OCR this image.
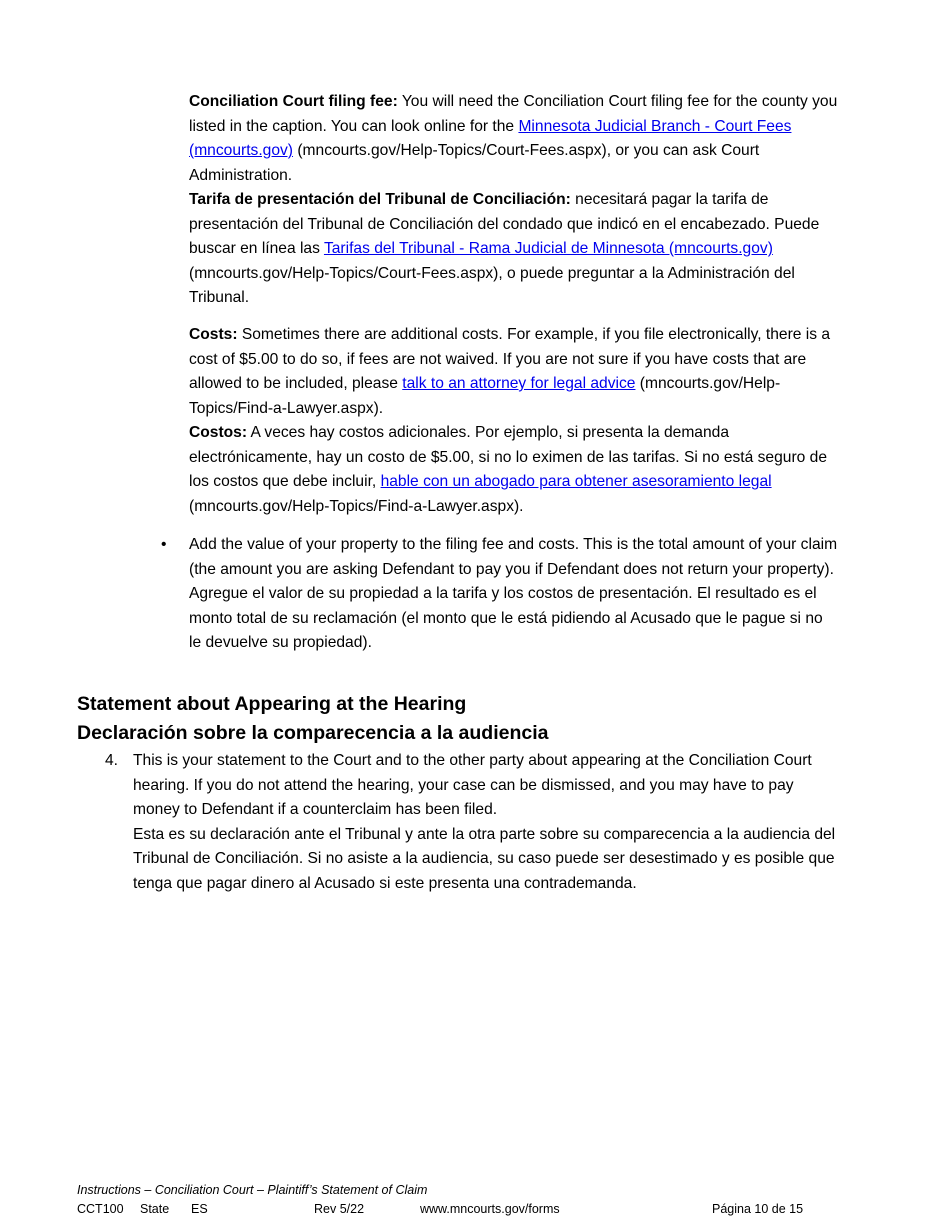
Conciliation Court filing fee: You will need the Conciliation Court filing fee for the county you listed in the caption. You can look online for the Minnesota Judicial Branch - Court Fees (mncourts.gov) (mncourts.gov/Help-Topics/Court-Fees.aspx), or you can ask Court Administration.
Tarifa de presentación del Tribunal de Conciliación: necesitará pagar la tarifa de presentación del Tribunal de Conciliación del condado que indicó en el encabezado. Puede buscar en línea las Tarifas del Tribunal - Rama Judicial de Minnesota (mncourts.gov) (mncourts.gov/Help-Topics/Court-Fees.aspx), o puede preguntar a la Administración del Tribunal.
Costs: Sometimes there are additional costs. For example, if you file electronically, there is a cost of $5.00 to do so, if fees are not waived. If you are not sure if you have costs that are allowed to be included, please talk to an attorney for legal advice (mncourts.gov/Help-Topics/Find-a-Lawyer.aspx).
Costos: A veces hay costos adicionales. Por ejemplo, si presenta la demanda electrónicamente, hay un costo de $5.00, si no lo eximen de las tarifas. Si no está seguro de los costos que debe incluir, hable con un abogado para obtener asesoramiento legal (mncourts.gov/Help-Topics/Find-a-Lawyer.aspx).
• Add the value of your property to the filing fee and costs. This is the total amount of your claim (the amount you are asking Defendant to pay you if Defendant does not return your property).
Agregue el valor de su propiedad a la tarifa y los costos de presentación. El resultado es el monto total de su reclamación (el monto que le está pidiendo al Acusado que le pague si no le devuelve su propiedad).
Statement about Appearing at the Hearing
Declaración sobre la comparecencia a la audiencia
4. This is your statement to the Court and to the other party about appearing at the Conciliation Court hearing. If you do not attend the hearing, your case can be dismissed, and you may have to pay money to Defendant if a counterclaim has been filed.
Esta es su declaración ante el Tribunal y ante la otra parte sobre su comparecencia a la audiencia del Tribunal de Conciliación. Si no asiste a la audiencia, su caso puede ser desestimado y es posible que tenga que pagar dinero al Acusado si este presenta una contrademanda.
Instructions – Conciliation Court – Plaintiff’s Statement of Claim
CCT100 State ES	Rev 5/22	www.mncourts.gov/forms	Página 10 de 15
